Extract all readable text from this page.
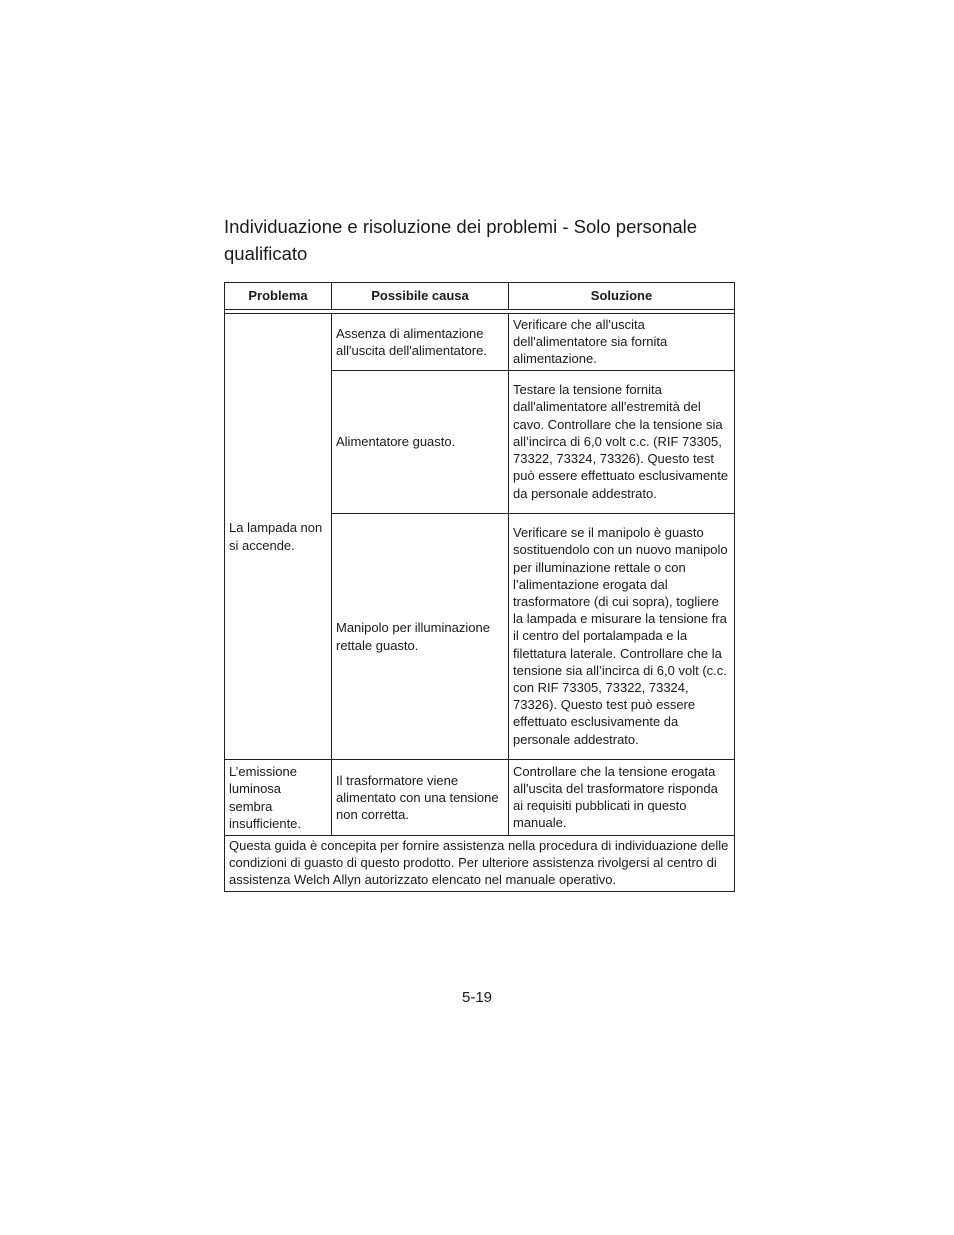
Individuazione e risoluzione dei problemi - Solo personale qualificato
Problema	Possibile causa	Soluzione

La lampada non si accende.	Assenza di alimentazione all'uscita dell'alimentatore.	Verificare che all'uscita dell'alimentatore sia fornita alimentazione.
	Alimentatore guasto.	Testare la tensione fornita dall'alimentatore all'estremità del cavo. Controllare che la tensione sia all’incirca di 6,0 volt c.c. (RIF 73305, 73322, 73324, 73326). Questo test può essere effettuato esclusivamente da personale addestrato.
	Manipolo per illuminazione rettale guasto.	Verificare se il manipolo è guasto sostituendolo con un nuovo manipolo per illuminazione rettale o con l’alimentazione erogata dal trasformatore (di cui sopra), togliere la lampada e misurare la tensione fra il centro del portalampada e la filettatura laterale. Controllare che la tensione sia all’incirca di 6,0 volt (c.c. con RIF 73305, 73322, 73324, 73326). Questo test può essere effettuato esclusivamente da personale addestrato.
L’emissione luminosa sembra insufficiente.	Il trasformatore viene alimentato con una tensione non corretta.	Controllare che la tensione erogata all'uscita del trasformatore risponda ai requisiti pubblicati in questo manuale.
Questa guida è concepita per fornire assistenza nella procedura di individuazione delle condizioni di guasto di questo prodotto. Per ulteriore assistenza rivolgersi al centro di assistenza Welch Allyn autorizzato elencato nel manuale operativo.		
5-19
